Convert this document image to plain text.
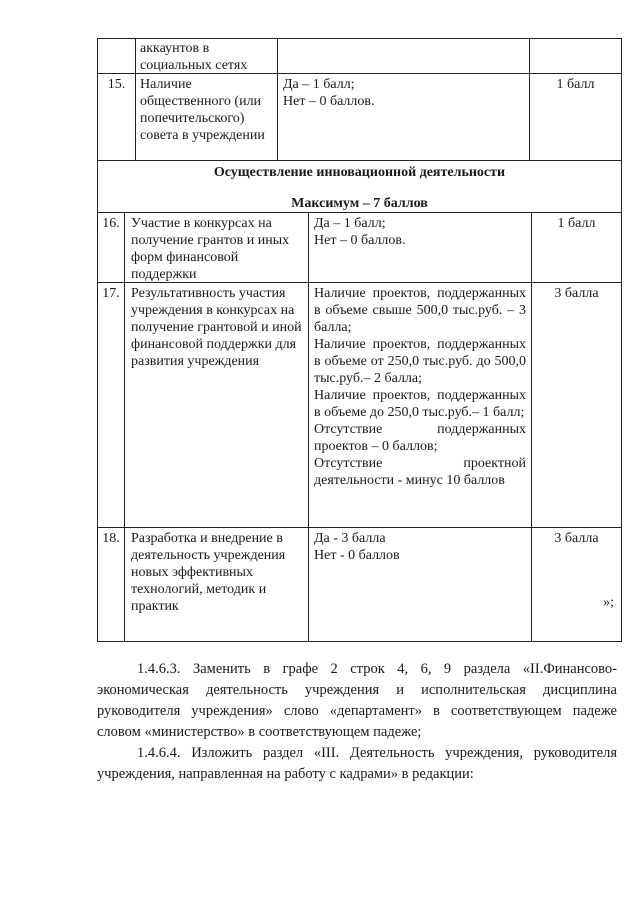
аккаунтов в социальных сетях
15.	Наличие общественного (или попечительского) совета в учреждении
Да – 1 балл;
Нет – 0 баллов.
1 балл
Осуществление инновационной деятельности
Максимум – 7 баллов
16. Участие в конкурсах на получение грантов и иных форм финансовой поддержки
Да – 1 балл;
Нет – 0 баллов.
1 балл
17. Результативность участия учреждения в конкурсах на получение грантовой и иной финансовой поддержки для развития учреждения
Наличие проектов, поддержанных в объеме свыше 500,0 тыс.руб. – 3 балла;
Наличие проектов, поддержанных в объеме от 250,0 тыс.руб. до 500,0 тыс.руб.– 2 балла;
Наличие проектов, поддержанных в объеме до 250,0 тыс.руб.– 1 балл;
Отсутствие поддержанных проектов – 0 баллов;
Отсутствие проектной деятельности - минус 10 баллов
3 балла
18. Разработка и внедрение в деятельность учреждения новых эффективных технологий, методик и практик
Да - 3 балла
Нет - 0 баллов
3 балла
»;
1.4.6.3. Заменить в графе 2 строк 4, 6, 9 раздела «II.Финансово-экономическая деятельность учреждения и исполнительская дисциплина руководителя учреждения» слово «департамент» в соответствующем падеже словом «министерство» в соответствующем падеже;
1.4.6.4. Изложить раздел «III. Деятельность учреждения, руководителя учреждения, направленная на работу с кадрами» в редакции:
